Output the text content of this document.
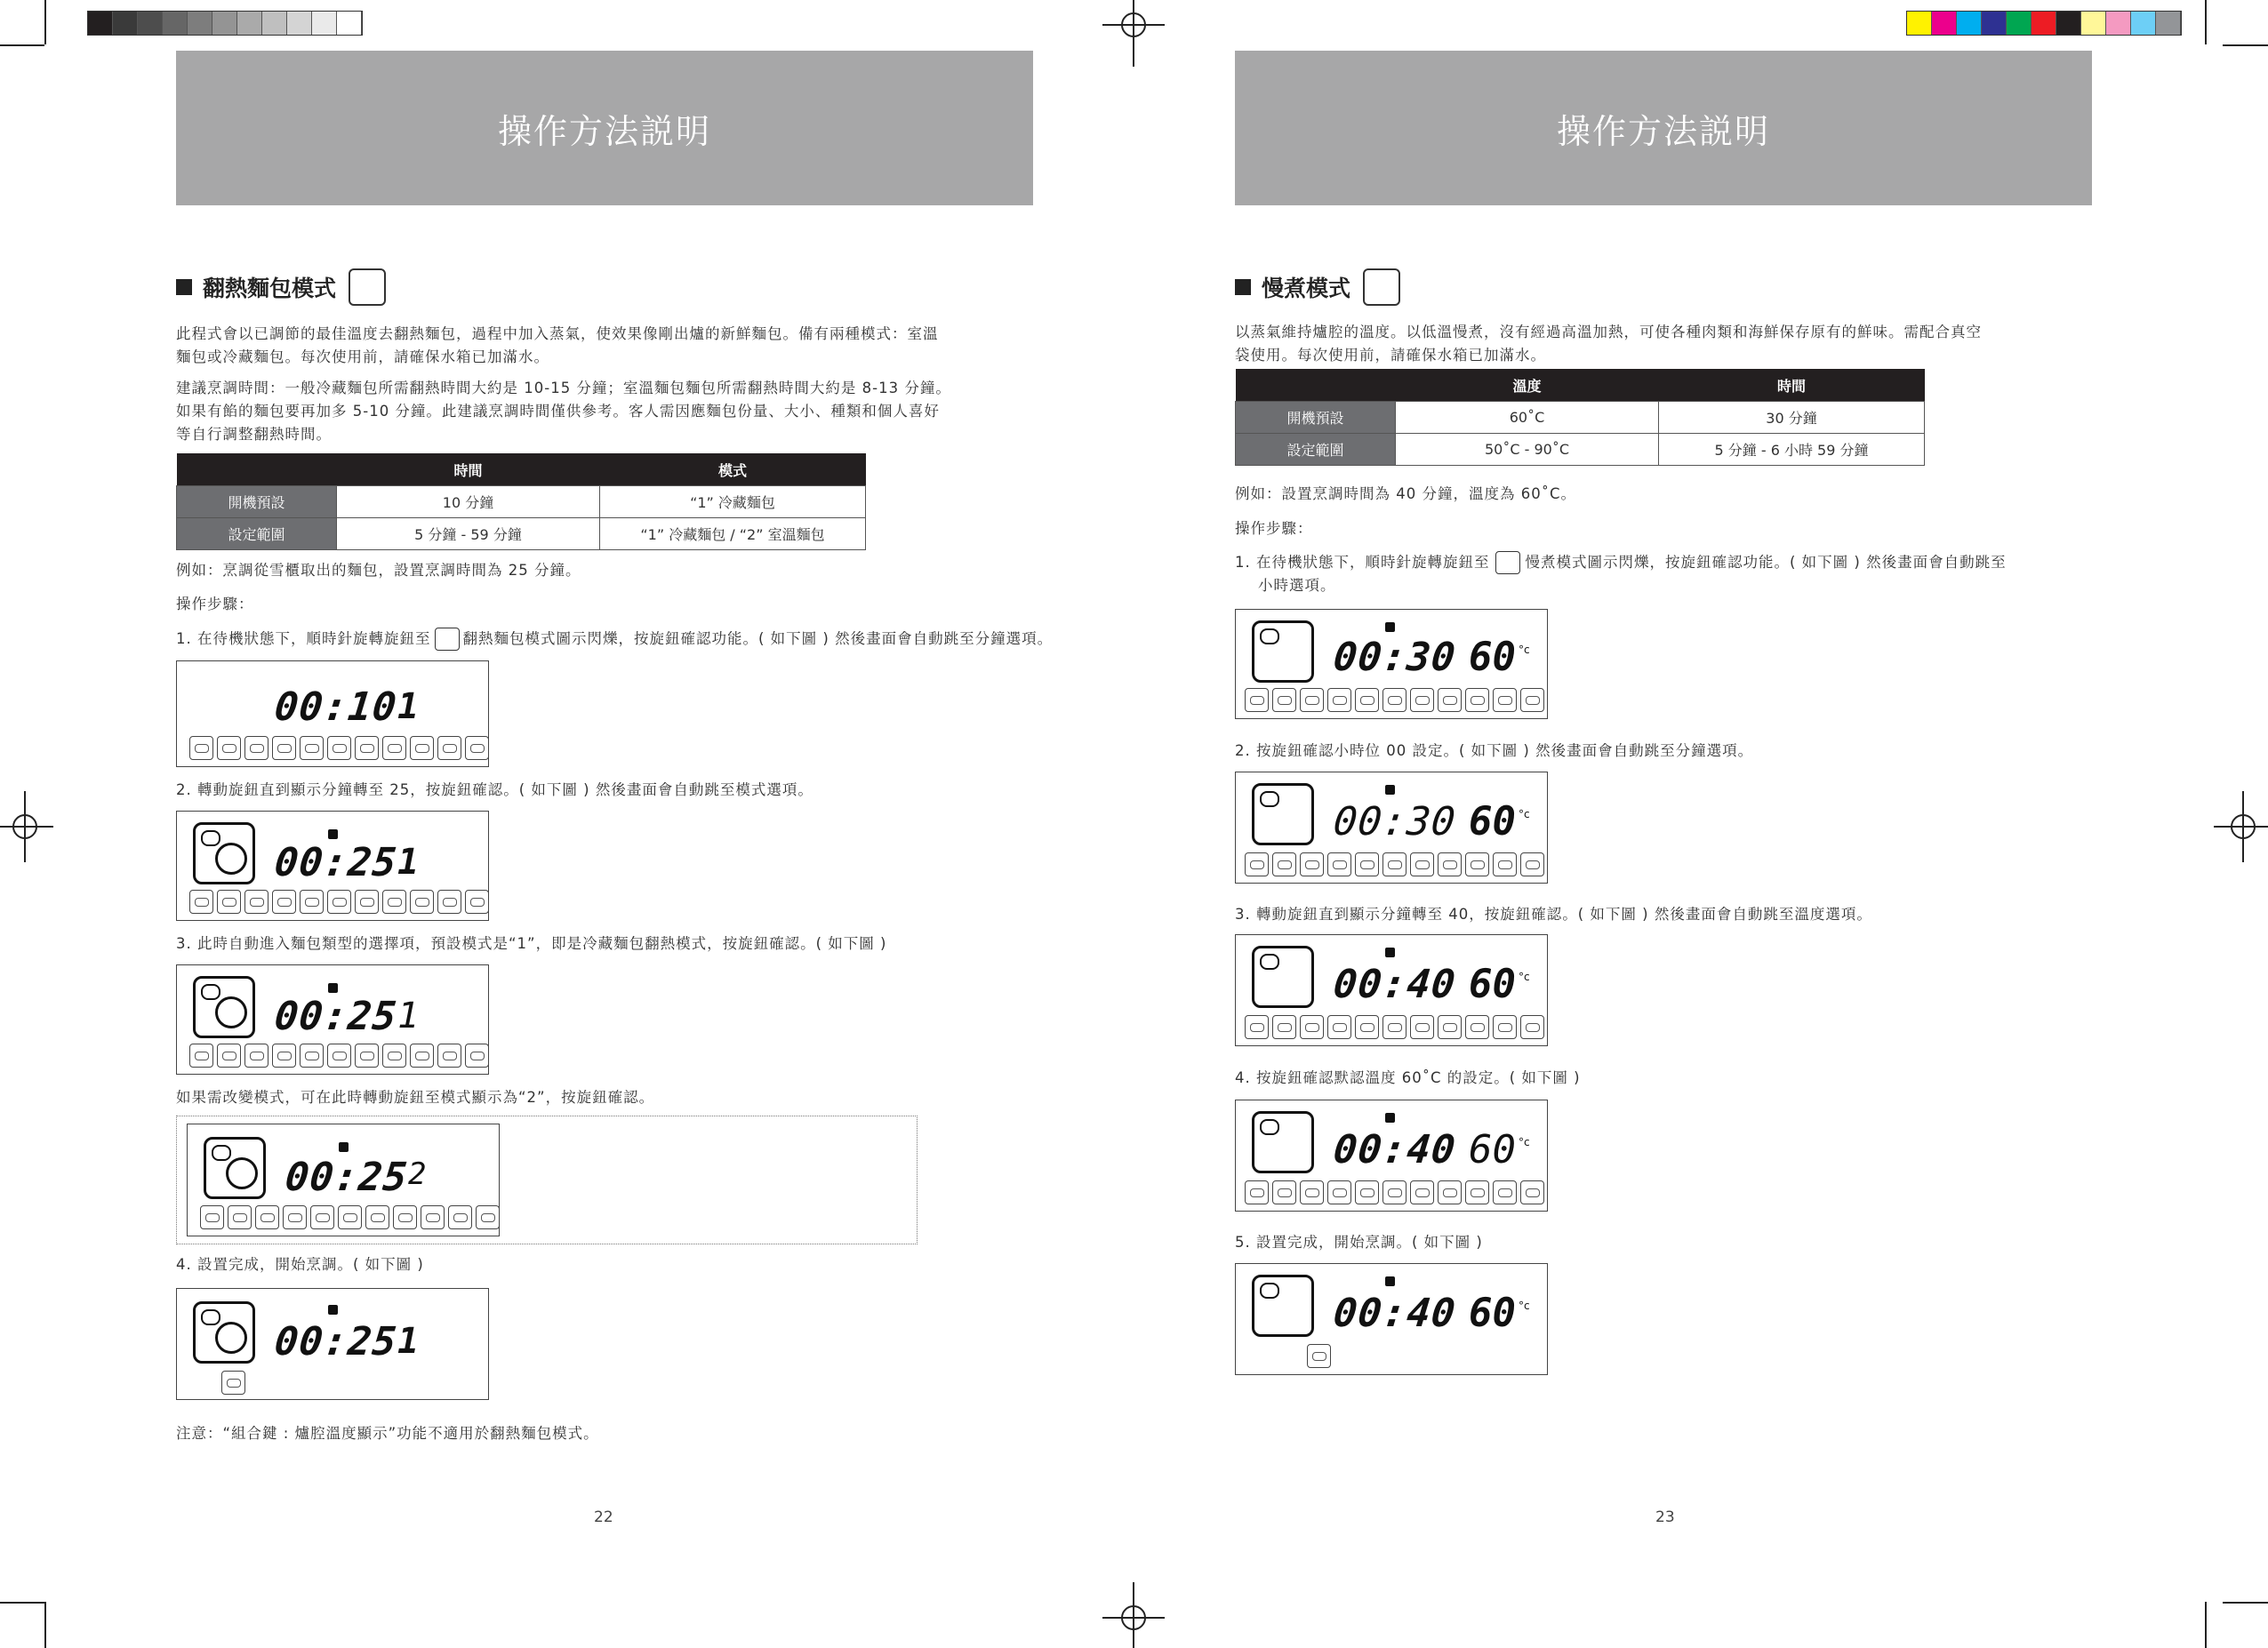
操作方法説明
翻熱麵包模式
此程式會以已調節的最佳溫度去翻熱麵包，過程中加入蒸氣，使效果像剛出爐的新鮮麵包。備有兩種模式：室溫
麵包或冷藏麵包。每次使用前，請確保水箱已加滿水。
建議烹調時間：一般冷藏麵包所需翻熱時間大約是 10-15 分鐘；室溫麵包麵包所需翻熱時間大約是 8-13 分鐘。
如果有餡的麵包要再加多 5-10 分鐘。此建議烹調時間僅供參考。客人需因應麵包份量、大小、種類和個人喜好
等自行調整翻熱時間。
	時間	模式
開機預設	10 分鐘	“1” 冷藏麵包
設定範圍	5 分鐘 - 59 分鐘	“1” 冷藏麵包 / “2” 室溫麵包
例如：烹調從雪櫃取出的麵包，設置烹調時間為 25 分鐘。
操作步驟：
1. 在待機狀態下，順時針旋轉旋鈕至 翻熱麵包模式圖示閃爍，按旋鈕確認功能。( 如下圖 ) 然後畫面會自動跳至分鐘選項。
00:10
1
2. 轉動旋鈕直到顯示分鐘轉至 25，按旋鈕確認。( 如下圖 ) 然後畫面會自動跳至模式選項。
00:25
1
3. 此時自動進入麵包類型的選擇項，預設模式是“1”，即是冷藏麵包翻熱模式，按旋鈕確認。( 如下圖 )
00:25
1
如果需改變模式，可在此時轉動旋鈕至模式顯示為“2”，按旋鈕確認。
00:25
2
4. 設置完成，開始烹調。( 如下圖 )
00:25
1
注意：“組合鍵 : 爐腔溫度顯示”功能不適用於翻熱麵包模式。
22
操作方法説明
慢煮模式
以蒸氣維持爐腔的溫度。以低溫慢煮，沒有經過高溫加熱，可使各種肉類和海鮮保存原有的鮮味。需配合真空
袋使用。每次使用前，請確保水箱已加滿水。
	溫度	時間
開機預設	60˚C	30 分鐘
設定範圍	50˚C - 90˚C	5 分鐘 - 6 小時 59 分鐘
例如：設置烹調時間為 40 分鐘，溫度為 60˚C。
操作步驟：
1. 在待機狀態下，順時針旋轉旋鈕至 慢煮模式圖示閃爍，按旋鈕確認功能。( 如下圖 ) 然後畫面會自動跳至
小時選項。
00:30 60 °c
2. 按旋鈕確認小時位 00 設定。( 如下圖 ) 然後畫面會自動跳至分鐘選項。
00:30 60 °c
3. 轉動旋鈕直到顯示分鐘轉至 40，按旋鈕確認。( 如下圖 ) 然後畫面會自動跳至溫度選項。
00:40 60 °c
4. 按旋鈕確認默認溫度 60˚C 的設定。( 如下圖 )
00:40 60 °c
5. 設置完成，開始烹調。( 如下圖 )
00:40 60 °c
23
